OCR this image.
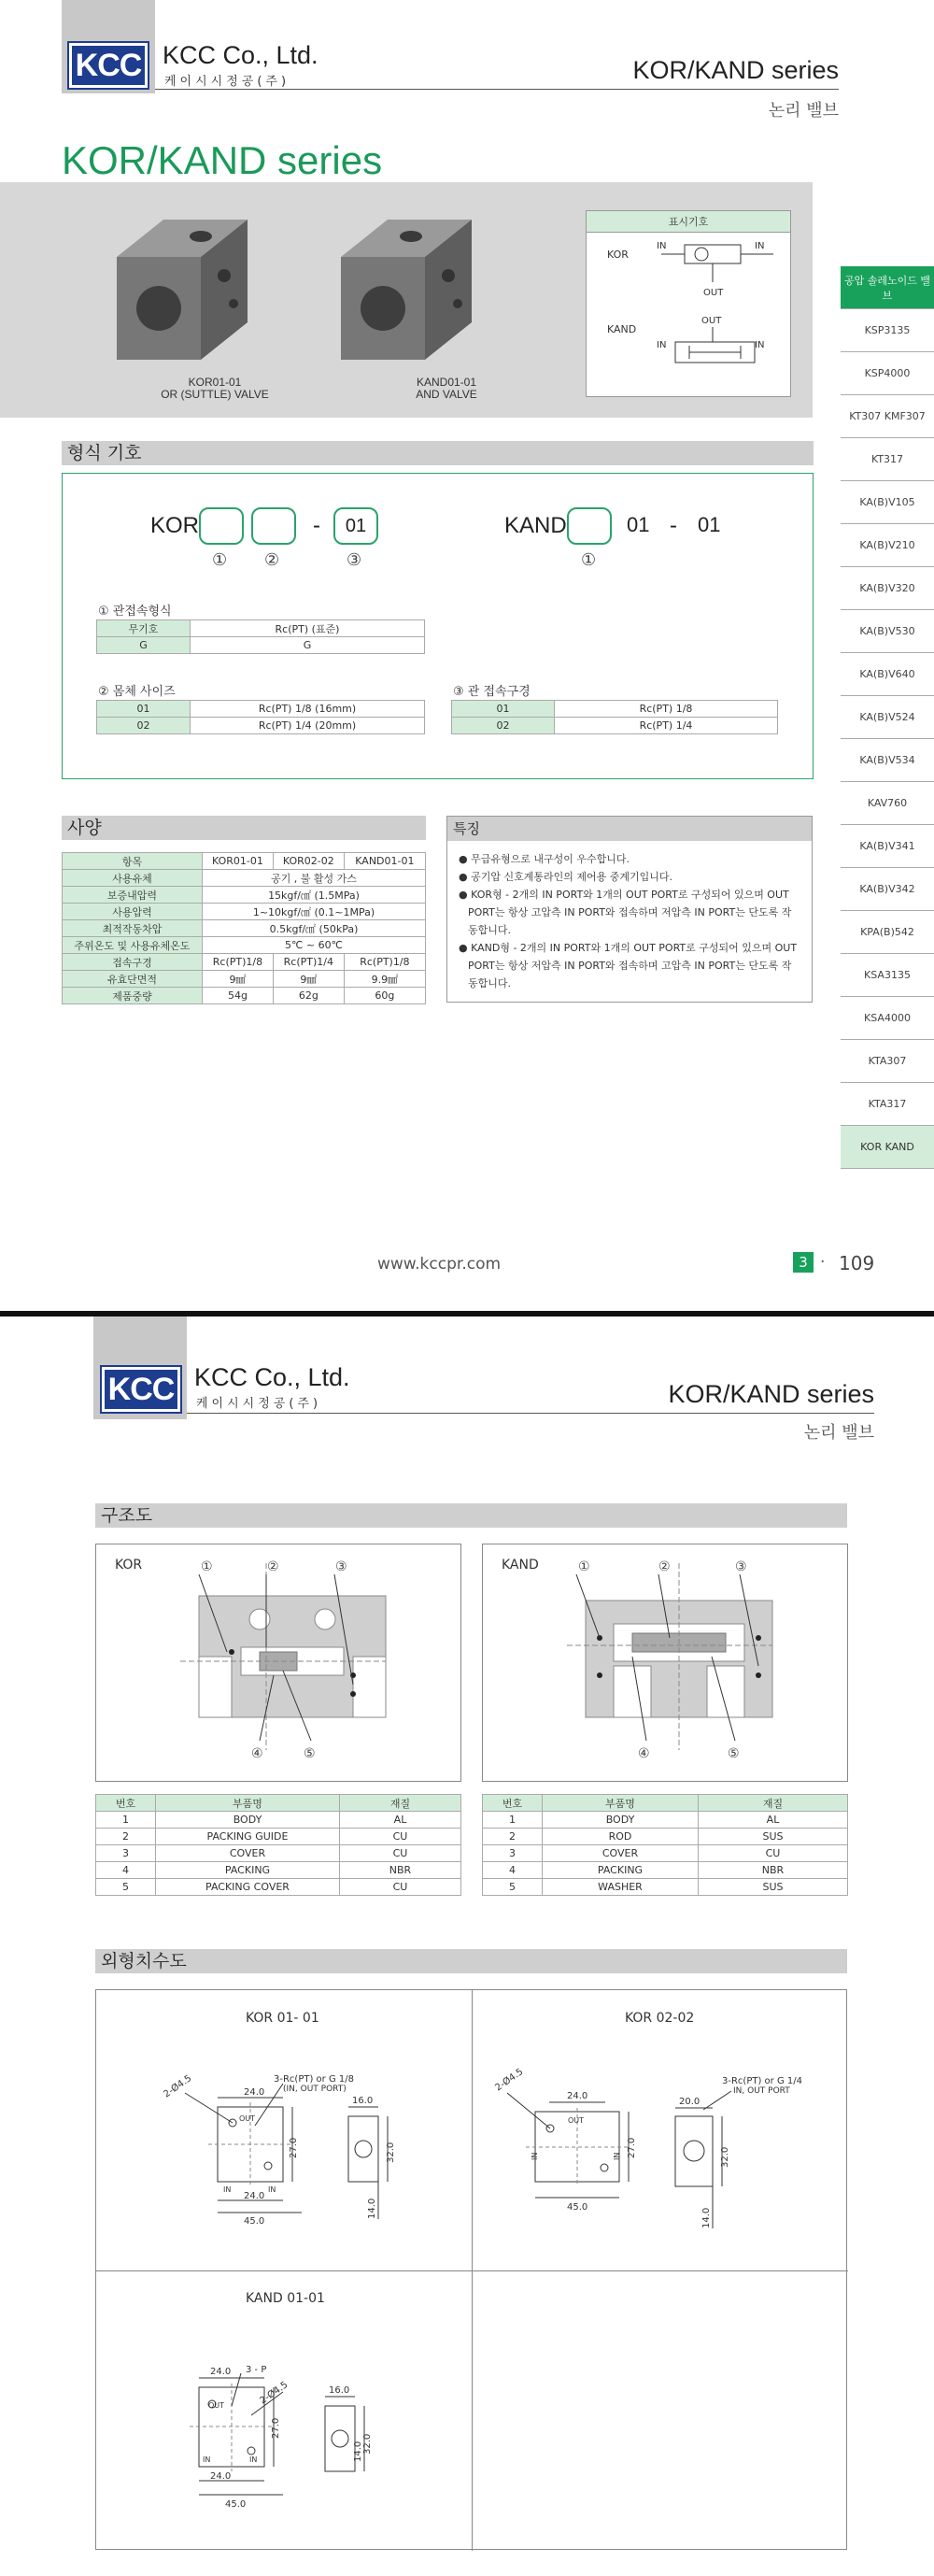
KCC KCC Co., Ltd.
케이시시정공(주)	KOR/KAND series
논리 밸브
KOR/KAND series
KOR01-01
OR (SUTTLE) VALVE
KAND01-01
AND VALVE
표시기호
KOR
KAND
IN	IN
OUT
OUT
IN	IN
공압 솔레노이드 밸브
KSP3135
KSP4000
KT307 KMF307
KT317
KA(B)V105
KA(B)V210
KA(B)V320
KA(B)V530
KA(B)V640
KA(B)V524
KA(B)V534
KAV760
KA(B)V341
KA(B)V342
KPA(B)542
KSA3135
KSA4000
KTA307
KTA317
KOR KAND
형식 기호
KOR	-	01
① ②	③
KAND	01 - 01
①
① 관접속형식
무기호	Rc(PT) (표준)
G	G
② 몸체 사이즈
01	Rc(PT) 1/8 (16mm)
02	Rc(PT) 1/4 (20mm)
③ 관 접속구경
01	Rc(PT) 1/8
02	Rc(PT) 1/4
사양
항목	KOR01-01	KOR02-02	KAND01-01
사용유체	공기 , 불 활성 가스		
보증내압력	15kgf/㎠ (1.5MPa)		
사용압력	1~10kgf/㎠ (0.1~1MPa)		
최적작동차압	0.5kgf/㎠ (50kPa)		
주위온도 및 사용유체온도	5℃ ~ 60℃		
접속구경	Rc(PT)1/8	Rc(PT)1/4	Rc(PT)1/8
유효단면적	9㎟	9㎟	9.9㎟
제품중량	54g	62g	60g
특징
● 무급유형으로 내구성이 우수합니다.
● 공기압 신호계통라인의 제어용 중계기입니다.
● KOR형 - 2개의 IN PORT와 1개의 OUT PORT로 구성되어 있으며 OUT PORT는 항상 고압측 IN PORT와 접속하며 저압측 IN PORT는 단도록 작동합니다.
● KAND형 - 2개의 IN PORT와 1개의 OUT PORT로 구성되어 있으며 OUT PORT는 항상 저압측 IN PORT와 접속하며 고압측 IN PORT는 단도록 작동합니다.
www.kccpr.com	3 · 109
KCC KCC Co., Ltd.
케이시시정공(주)	KOR/KAND series
논리 밸브
구조도
KOR	①	②	③
④	⑤
KAND	①	②	③
④	⑤
번호	부품명	재질
1	BODY	AL
2	PACKING GUIDE	CU
3	COVER	CU
4	PACKING	NBR
5	PACKING COVER	CU
번호	부품명	재질
1	BODY	AL
2	ROD	SUS
3	COVER	CU
4	PACKING	NBR
5	WASHER	SUS
외형치수도
KOR 01- 01
24.0
24.0
45.0
27.0
2-Ø4.5	3-Rc(PT) or G 1/8
(IN, OUT PORT)
OUT
IN	IN
16.0
32.0
14.0
KOR 02-02
24.0
45.0
27.0
2-Ø4.5
OUT
IN	IN
20.0
32.0
14.0
3-Rc(PT) or G 1/4
IN, OUT PORT
KAND 01-01
24.0
24.0
45.0
27.0
3 - P
2-Ø4.5
OUT
IN	IN
16.0
32.0
14.0
